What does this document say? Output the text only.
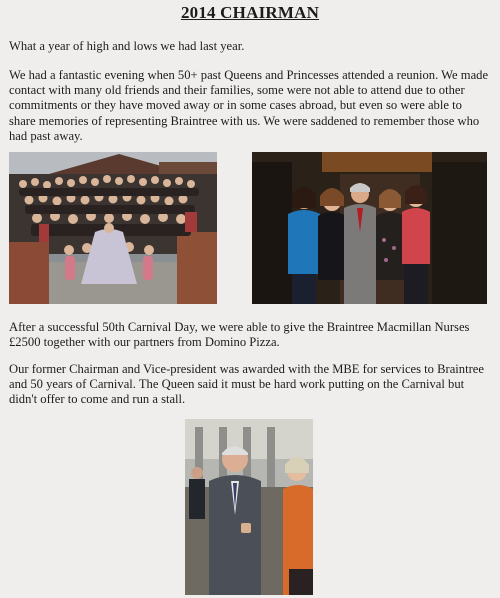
2014 CHAIRMAN

What a year of high and lows we had last year.

We had a fantastic evening when 50+ past Queens and Princesses attended a reunion. We made contact with many old friends and their families, some were not able to attend due to other commitments or they have moved away or in some cases abroad, but even so were able to share memories of representing Braintree with us. We were saddened to remember those who had past away.

After a successful 50th Carnival Day, we were able to give the Braintree Macmillan Nurses £2500 together with our partners from Domino Pizza.

Our former Chairman and Vice-president was awarded with the MBE for services to Braintree and 50 years of Carnival. The Queen said it must be hard work putting on the Carnival but didn't offer to come and run a stall.
